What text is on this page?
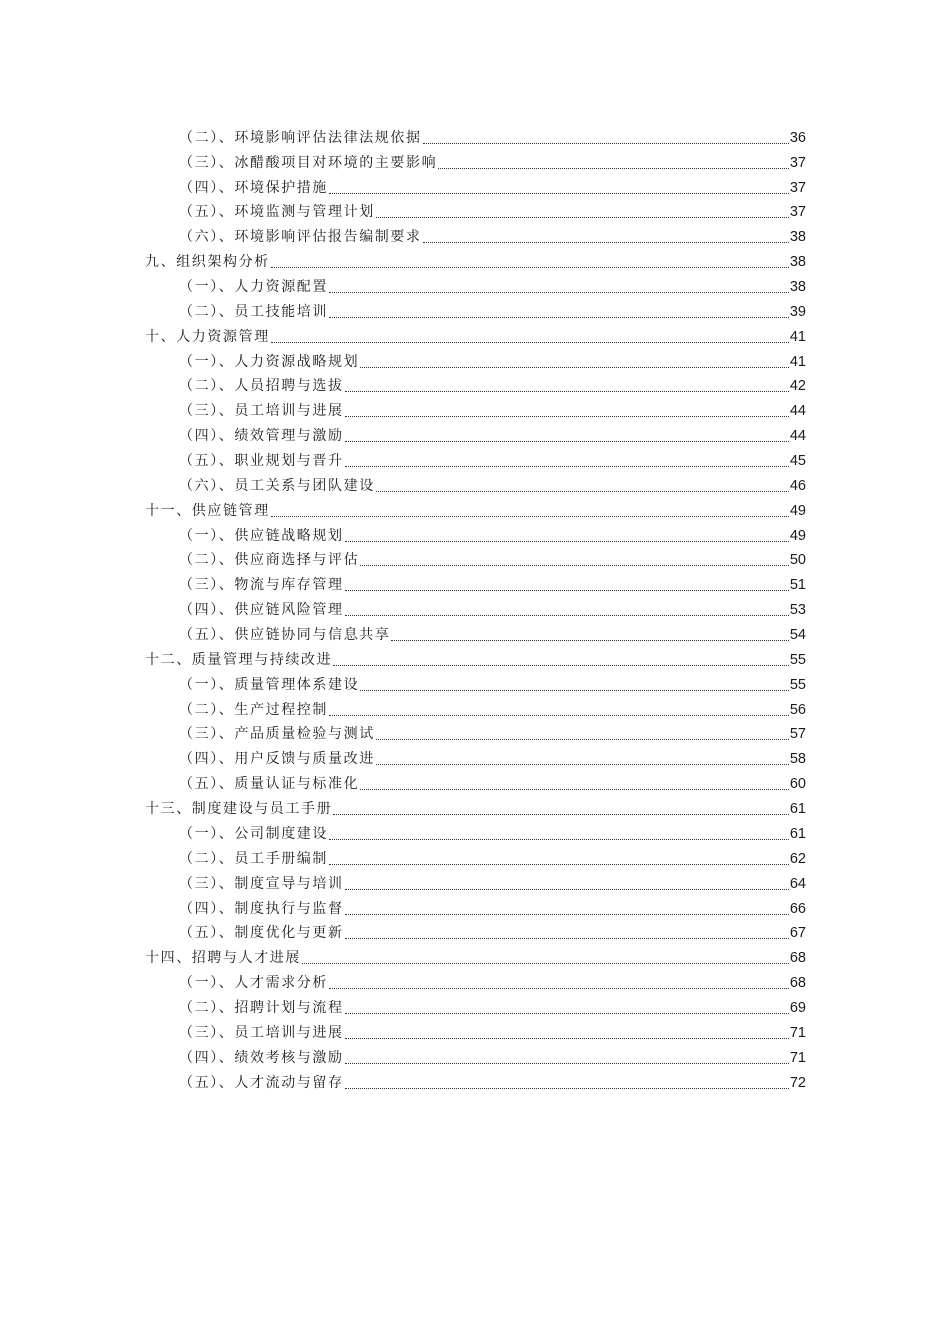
（二）、环境影响评估法律法规依据	36
（三）、冰醋酸项目对环境的主要影响	37
（四）、环境保护措施	37
（五）、环境监测与管理计划	37
（六）、环境影响评估报告编制要求	38
九、组织架构分析	38
（一）、人力资源配置	38
（二）、员工技能培训	39
十、人力资源管理	41
（一）、人力资源战略规划	41
（二）、人员招聘与选拔	42
（三）、员工培训与进展	44
（四）、绩效管理与激励	44
（五）、职业规划与晋升	45
（六）、员工关系与团队建设	46
十一、供应链管理	49
（一）、供应链战略规划	49
（二）、供应商选择与评估	50
（三）、物流与库存管理	51
（四）、供应链风险管理	53
（五）、供应链协同与信息共享	54
十二、质量管理与持续改进	55
（一）、质量管理体系建设	55
（二）、生产过程控制	56
（三）、产品质量检验与测试	57
（四）、用户反馈与质量改进	58
（五）、质量认证与标准化	60
十三、制度建设与员工手册	61
（一）、公司制度建设	61
（二）、员工手册编制	62
（三）、制度宣导与培训	64
（四）、制度执行与监督	66
（五）、制度优化与更新	67
十四、招聘与人才进展	68
（一）、人才需求分析	68
（二）、招聘计划与流程	69
（三）、员工培训与进展	71
（四）、绩效考核与激励	71
（五）、人才流动与留存	72
